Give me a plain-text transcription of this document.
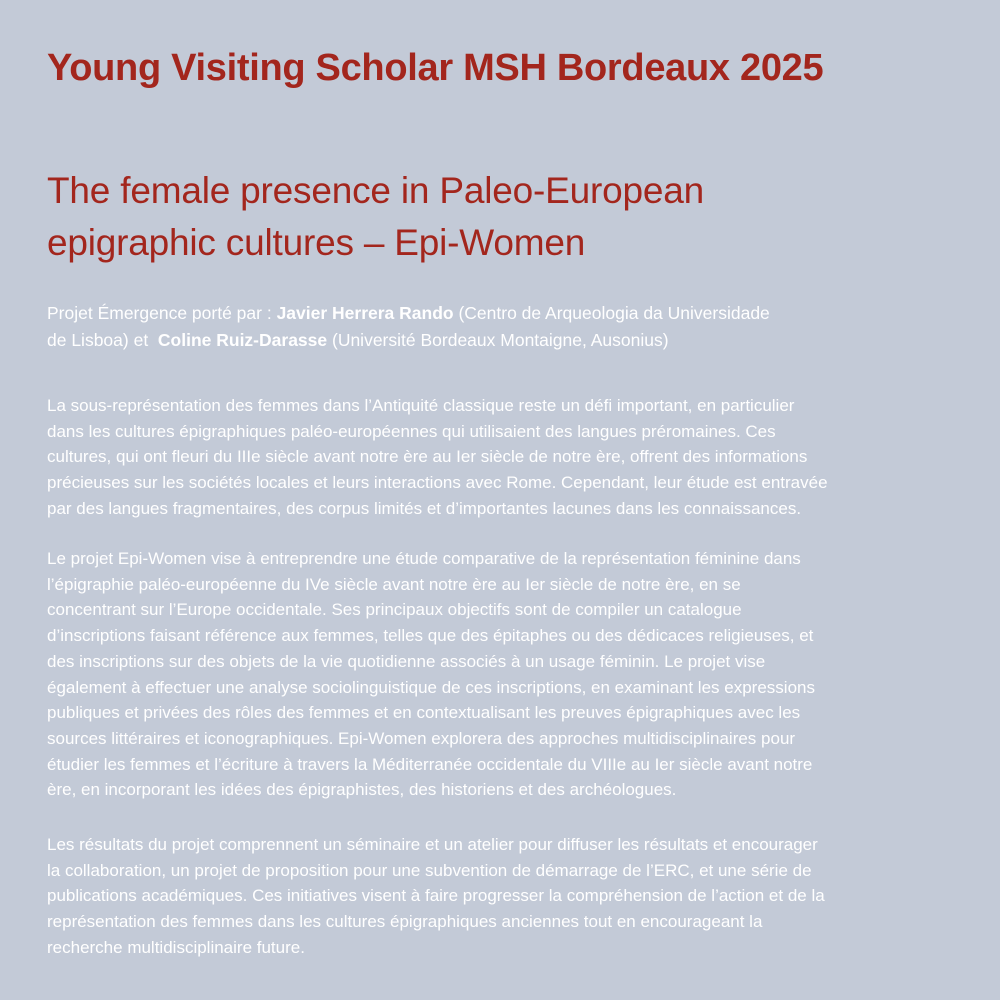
Young Visiting Scholar MSH Bordeaux 2025
The female presence in Paleo-European
epigraphic cultures – Epi-Women
Projet Émergence porté par : Javier Herrera Rando (Centro de Arqueologia da Universidade
de Lisboa) et  Coline Ruiz-Darasse (Université Bordeaux Montaigne, Ausonius)
La sous-représentation des femmes dans l’Antiquité classique reste un défi important, en particulier
dans les cultures épigraphiques paléo-européennes qui utilisaient des langues préromaines. Ces
cultures, qui ont fleuri du IIIe siècle avant notre ère au Ier siècle de notre ère, offrent des informations
précieuses sur les sociétés locales et leurs interactions avec Rome. Cependant, leur étude est entravée
par des langues fragmentaires, des corpus limités et d’importantes lacunes dans les connaissances.
Le projet Epi-Women vise à entreprendre une étude comparative de la représentation féminine dans
l’épigraphie paléo-européenne du IVe siècle avant notre ère au Ier siècle de notre ère, en se
concentrant sur l’Europe occidentale. Ses principaux objectifs sont de compiler un catalogue
d’inscriptions faisant référence aux femmes, telles que des épitaphes ou des dédicaces religieuses, et
des inscriptions sur des objets de la vie quotidienne associés à un usage féminin. Le projet vise
également à effectuer une analyse sociolinguistique de ces inscriptions, en examinant les expressions
publiques et privées des rôles des femmes et en contextualisant les preuves épigraphiques avec les
sources littéraires et iconographiques. Epi-Women explorera des approches multidisciplinaires pour
étudier les femmes et l’écriture à travers la Méditerranée occidentale du VIIIe au Ier siècle avant notre
ère, en incorporant les idées des épigraphistes, des historiens et des archéologues.
Les résultats du projet comprennent un séminaire et un atelier pour diffuser les résultats et encourager
la collaboration, un projet de proposition pour une subvention de démarrage de l’ERC, et une série de
publications académiques. Ces initiatives visent à faire progresser la compréhension de l’action et de la
représentation des femmes dans les cultures épigraphiques anciennes tout en encourageant la
recherche multidisciplinaire future.
